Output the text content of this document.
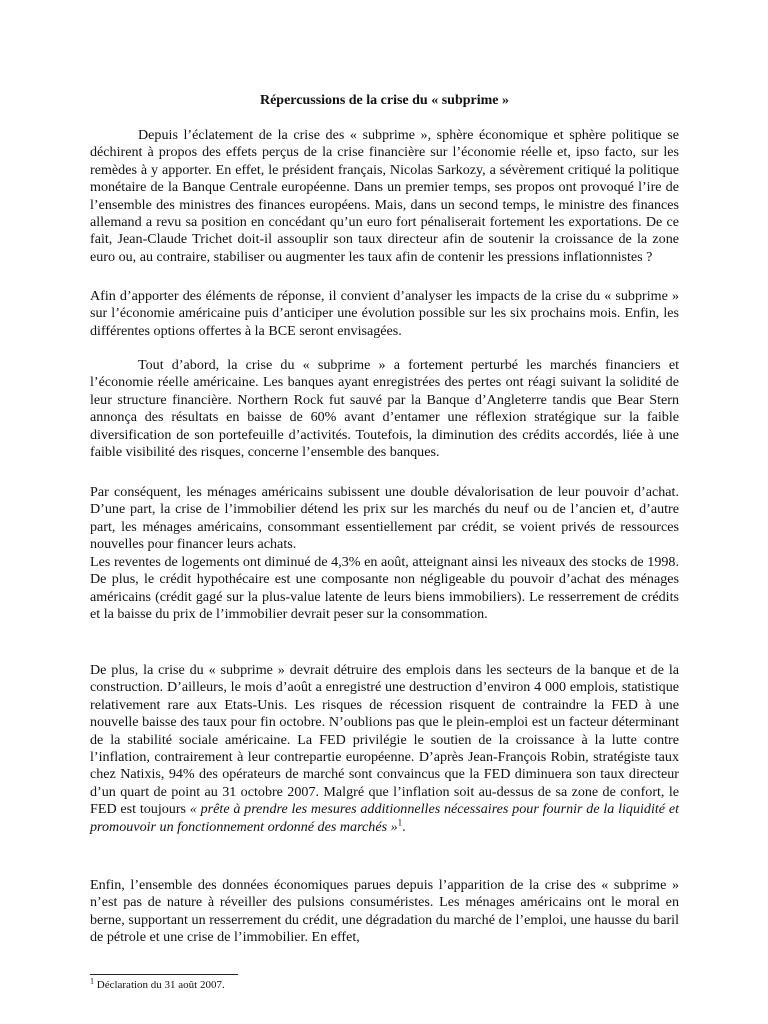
Répercussions de la crise du « subprime »

Depuis l’éclatement de la crise des « subprime », sphère économique et sphère politique se déchirent à propos des effets perçus de la crise financière sur l’économie réelle et, ipso facto, sur les remèdes à y apporter. En effet, le président français, Nicolas Sarkozy, a sévèrement critiqué la politique monétaire de la Banque Centrale européenne. Dans un premier temps, ses propos ont provoqué l’ire de l’ensemble des ministres des finances européens. Mais, dans un second temps, le ministre des finances allemand a revu sa position en concédant qu’un euro fort pénaliserait fortement les exportations. De ce fait, Jean-Claude Trichet doit-il assouplir son taux directeur afin de soutenir la croissance de la zone euro ou, au contraire, stabiliser ou augmenter les taux afin de contenir les pressions inflationnistes ?

Afin d’apporter des éléments de réponse, il convient d’analyser les impacts de la crise du « subprime » sur l’économie américaine puis d’anticiper une évolution possible sur les six prochains mois. Enfin, les différentes options offertes à la BCE seront envisagées.

Tout d’abord, la crise du « subprime » a fortement perturbé les marchés financiers et l’économie réelle américaine. Les banques ayant enregistrées des pertes ont réagi suivant la solidité de leur structure financière. Northern Rock fut sauvé par la Banque d’Angleterre tandis que Bear Stern annonça des résultats en baisse de 60% avant d’entamer une réflexion stratégique sur la faible diversification de son portefeuille d’activités. Toutefois, la diminution des crédits accordés, liée à une faible visibilité des risques, concerne l’ensemble des banques.

Par conséquent, les ménages américains subissent une double dévalorisation de leur pouvoir d’achat. D’une part, la crise de l’immobilier détend les prix sur les marchés du neuf ou de l’ancien et, d’autre part, les ménages américains, consommant essentiellement par crédit, se voient privés de ressources nouvelles pour financer leurs achats.

Les reventes de logements ont diminué de 4,3% en août, atteignant ainsi les niveaux des stocks de 1998. De plus, le crédit hypothécaire est une composante non négligeable du pouvoir d’achat des ménages américains (crédit gagé sur la plus-value latente de leurs biens immobiliers). Le resserrement de crédits et la baisse du prix de l’immobilier devrait peser sur la consommation.

De plus, la crise du « subprime » devrait détruire des emplois dans les secteurs de la banque et de la construction. D’ailleurs, le mois d’août a enregistré une destruction d’environ 4 000 emplois, statistique relativement rare aux Etats-Unis. Les risques de récession risquent de contraindre la FED à une nouvelle baisse des taux pour fin octobre. N’oublions pas que le plein-emploi est un facteur déterminant de la stabilité sociale américaine. La FED privilégie le soutien de la croissance à la lutte contre l’inflation, contrairement à leur contrepartie européenne. D’après Jean-François Robin, stratégiste taux chez Natixis, 94% des opérateurs de marché sont convaincus que la FED diminuera son taux directeur d’un quart de point au 31 octobre 2007. Malgré que l’inflation soit au-dessus de sa zone de confort, le FED est toujours « prête à prendre les mesures additionnelles nécessaires pour fournir de la liquidité et promouvoir un fonctionnement ordonné des marchés »$^1$.

Enfin, l’ensemble des données économiques parues depuis l’apparition de la crise des « subprime » n’est pas de nature à réveiller des pulsions consuméristes. Les ménages américains ont le moral en berne, supportant un resserrement du crédit, une dégradation du marché de l’emploi, une hausse du baril de pétrole et une crise de l’immobilier. En effet,

$^1$ Déclaration du 31 août 2007.
